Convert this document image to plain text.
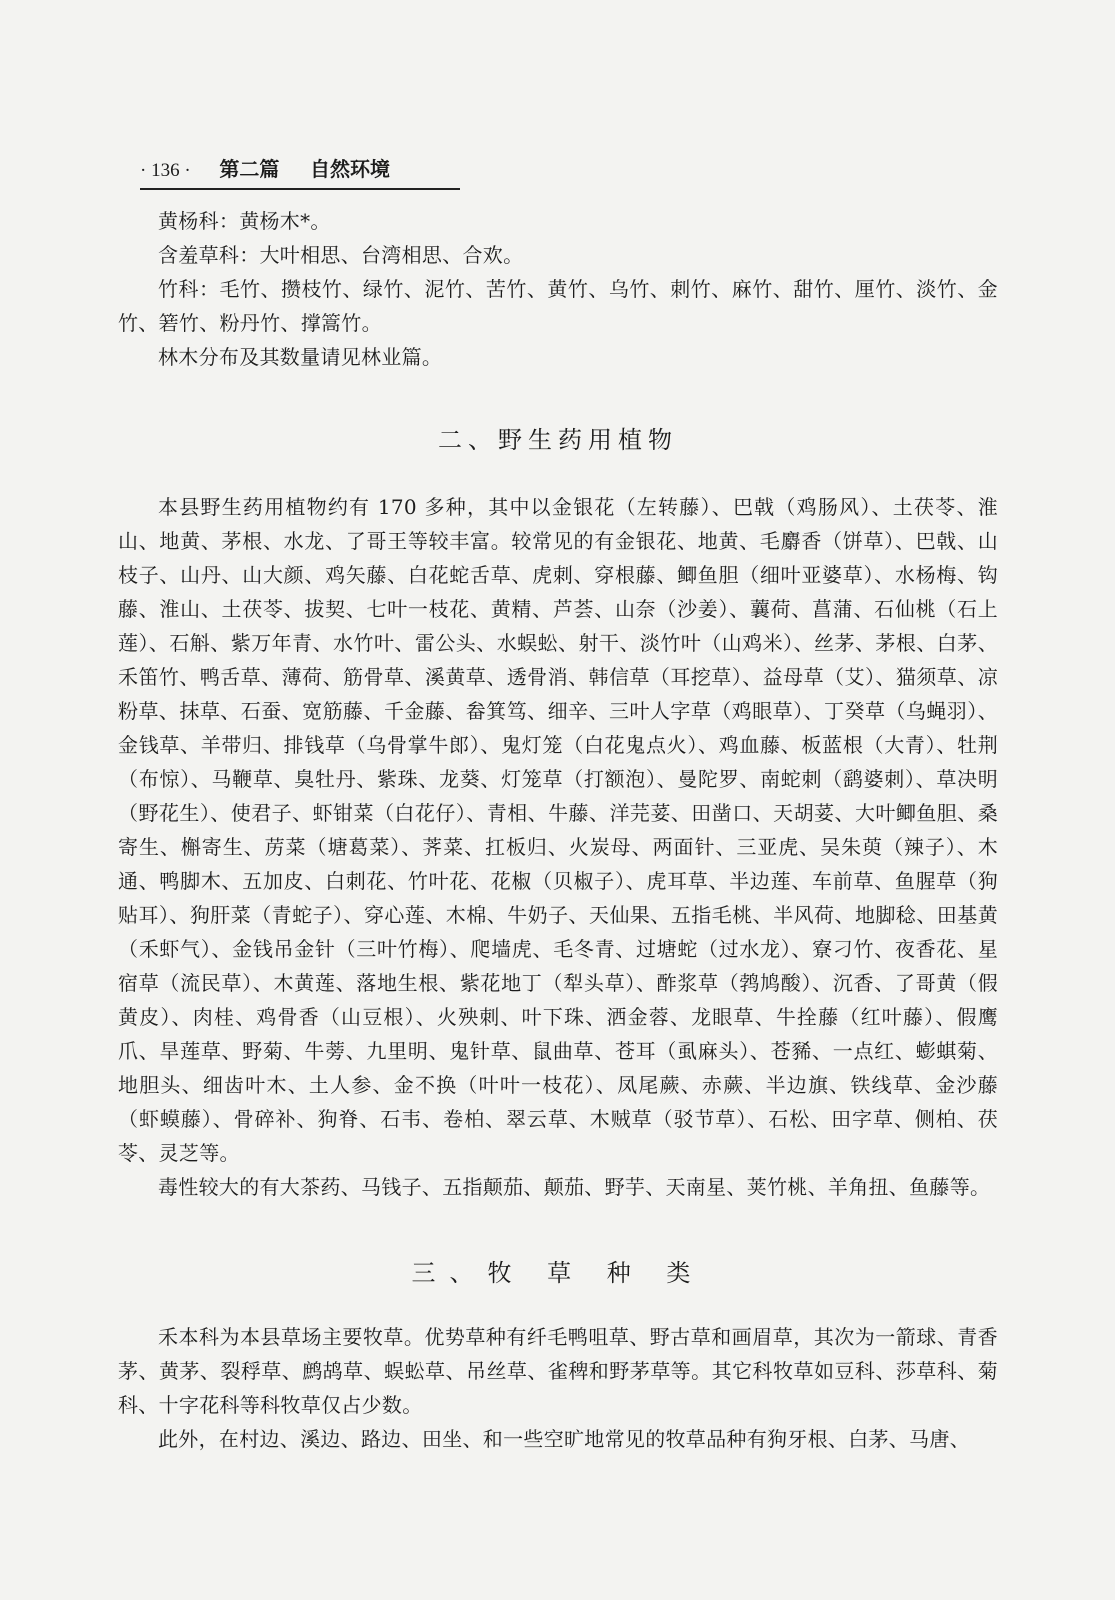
· 136 · 第二篇 自然环境

黄杨科：黄杨木*。

含羞草科：大叶相思、台湾相思、合欢。

竹科：毛竹、攒枝竹、绿竹、泥竹、苦竹、黄竹、乌竹、刺竹、麻竹、甜竹、厘竹、淡竹、金竹、箬竹、粉丹竹、撑篙竹。

林木分布及其数量请见林业篇。

二、野生药用植物

本县野生药用植物约有 170 多种，其中以金银花（左转藤）、巴戟（鸡肠风）、土茯苓、淮山、地黄、茅根、水龙、了哥王等较丰富。较常见的有金银花、地黄、毛麝香（饼草）、巴戟、山枝子、山丹、山大颜、鸡矢藤、白花蛇舌草、虎刺、穿根藤、鲫鱼胆（细叶亚婆草）、水杨梅、钩藤、淮山、土茯苓、拔契、七叶一枝花、黄精、芦荟、山奈（沙姜）、蘘荷、菖蒲、石仙桃（石上莲）、石斛、紫万年青、水竹叶、雷公头、水蜈蚣、射干、淡竹叶（山鸡米）、丝茅、茅根、白茅、禾笛竹、鸭舌草、薄荷、筋骨草、溪黄草、透骨消、韩信草（耳挖草）、益母草（艾）、猫须草、凉粉草、抹草、石蚕、宽筋藤、千金藤、畚箕笃、细辛、三叶人字草（鸡眼草）、丁癸草（乌蝇羽）、金钱草、羊带归、排钱草（乌骨掌牛郎）、鬼灯笼（白花鬼点火）、鸡血藤、板蓝根（大青）、牡荆（布惊）、马鞭草、臭牡丹、紫珠、龙葵、灯笼草（打额泡）、曼陀罗、南蛇刺（鹞婆刺）、草决明（野花生）、使君子、虾钳菜（白花仔）、青相、牛藤、洋芫荽、田凿口、天胡荽、大叶鲫鱼胆、桑寄生、槲寄生、苈菜（塘葛菜）、荠菜、扛板归、火炭母、两面针、三亚虎、吴朱萸（辣子）、木通、鸭脚木、五加皮、白刺花、竹叶花、花椒（贝椒子）、虎耳草、半边莲、车前草、鱼腥草（狗贴耳）、狗肝菜（青蛇子）、穿心莲、木棉、牛奶子、天仙果、五指毛桃、半风荷、地脚稔、田基黄（禾虾气）、金钱吊金针（三叶竹梅）、爬墙虎、毛冬青、过塘蛇（过水龙）、寮刁竹、夜香花、星宿草（流民草）、木黄莲、落地生根、紫花地丁（犁头草）、酢浆草（鹁鸠酸）、沉香、了哥黄（假黄皮）、肉桂、鸡骨香（山豆根）、火殃刺、叶下珠、洒金蓉、龙眼草、牛拴藤（红叶藤）、假鹰爪、旱莲草、野菊、牛蒡、九里明、鬼针草、鼠曲草、苍耳（虱麻头）、苍豨、一点红、蟛蜞菊、地胆头、细齿叶木、土人参、金不换（叶叶一枝花）、凤尾蕨、赤蕨、半边旗、铁线草、金沙藤（虾蟆藤）、骨碎补、狗脊、石韦、卷柏、翠云草、木贼草（驳节草）、石松、田字草、侧柏、茯苓、灵芝等。

毒性较大的有大茶药、马钱子、五指颠茄、颠茄、野芋、天南星、荚竹桃、羊角扭、鱼藤等。

三、牧 草 种 类

禾本科为本县草场主要牧草。优势草种有纤毛鸭咀草、野古草和画眉草，其次为一箭球、青香茅、黄茅、裂稃草、鹧鸪草、蜈蚣草、吊丝草、雀稗和野茅草等。其它科牧草如豆科、莎草科、菊科、十字花科等科牧草仅占少数。

此外，在村边、溪边、路边、田坐、和一些空旷地常见的牧草品种有狗牙根、白茅、马唐、
